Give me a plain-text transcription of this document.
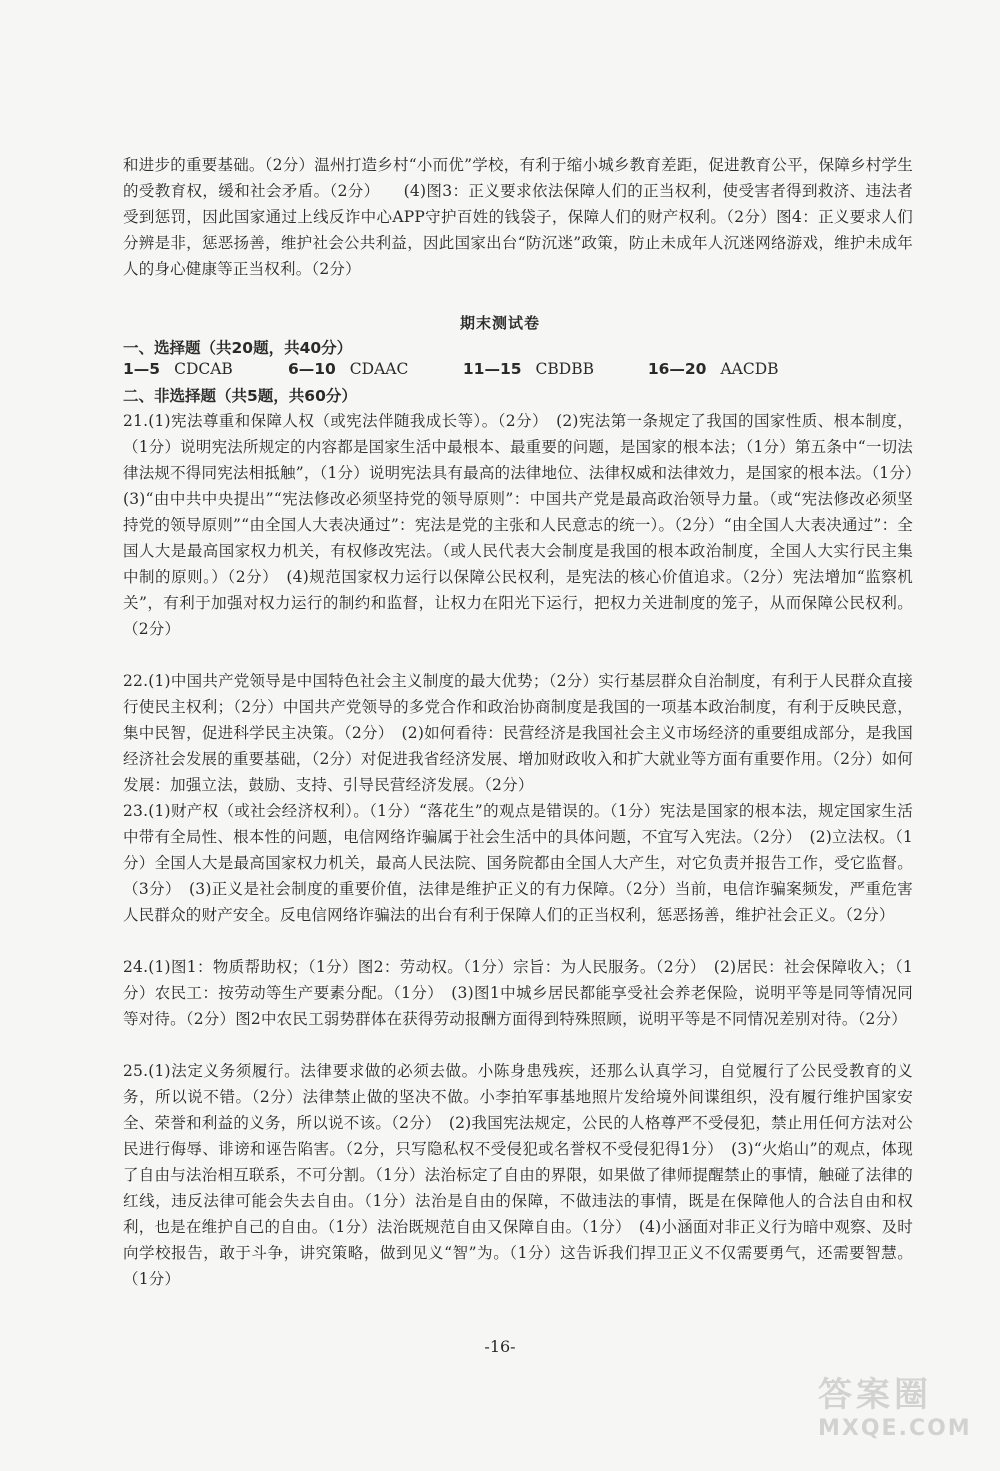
和进步的重要基础。（2分）温州打造乡村“小而优”学校，有利于缩小城乡教育差距，促进教育公平，保障乡村学生的受教育权，缓和社会矛盾。（2分）　　(4)图3：正义要求依法保障人们的正当权利，使受害者得到救济、违法者受到惩罚，因此国家通过上线反诈中心APP守护百姓的钱袋子，保障人们的财产权利。（2分）图4：正义要求人们分辨是非，惩恶扬善，维护社会公共利益，因此国家出台“防沉迷”政策，防止未成年人沉迷网络游戏，维护未成年人的身心健康等正当权利。（2分）
期末测试卷
一、选择题（共20题，共40分）
1—5 CDCAB	6—10 CDAAC	11—15 CBDBB	16—20 AACDB
二、非选择题（共5题，共60分）
21.(1)宪法尊重和保障人权（或宪法伴随我成长等）。（2分）　(2)宪法第一条规定了我国的国家性质、根本制度，（1分）说明宪法所规定的内容都是国家生活中最根本、最重要的问题，是国家的根本法；（1分）第五条中“一切法律法规不得同宪法相抵触”，（1分）说明宪法具有最高的法律地位、法律权威和法律效力，是国家的根本法。（1分）　(3)“由中共中央提出”“宪法修改必须坚持党的领导原则”：中国共产党是最高政治领导力量。（或“宪法修改必须坚持党的领导原则”“由全国人大表决通过”：宪法是党的主张和人民意志的统一）。（2分）“由全国人大表决通过”：全国人大是最高国家权力机关，有权修改宪法。（或人民代表大会制度是我国的根本政治制度，全国人大实行民主集中制的原则。）（2分）　(4)规范国家权力运行以保障公民权利，是宪法的核心价值追求。（2分）宪法增加“监察机关”，有利于加强对权力运行的制约和监督，让权力在阳光下运行，把权力关进制度的笼子，从而保障公民权利。（2分）
22.(1)中国共产党领导是中国特色社会主义制度的最大优势；（2分）实行基层群众自治制度，有利于人民群众直接行使民主权利；（2分）中国共产党领导的多党合作和政治协商制度是我国的一项基本政治制度，有利于反映民意，集中民智，促进科学民主决策。（2分）　(2)如何看待：民营经济是我国社会主义市场经济的重要组成部分，是我国经济社会发展的重要基础，（2分）对促进我省经济发展、增加财政收入和扩大就业等方面有重要作用。（2分）如何发展：加强立法，鼓励、支持、引导民营经济发展。（2分）
23.(1)财产权（或社会经济权利）。（1分）“落花生”的观点是错误的。（1分）宪法是国家的根本法，规定国家生活中带有全局性、根本性的问题，电信网络诈骗属于社会生活中的具体问题，不宜写入宪法。（2分）　(2)立法权。（1分）全国人大是最高国家权力机关，最高人民法院、国务院都由全国人大产生，对它负责并报告工作，受它监督。（3分）　(3)正义是社会制度的重要价值，法律是维护正义的有力保障。（2分）当前，电信诈骗案频发，严重危害人民群众的财产安全。反电信网络诈骗法的出台有利于保障人们的正当权利，惩恶扬善，维护社会正义。（2分）
24.(1)图1：物质帮助权；（1分）图2：劳动权。（1分）宗旨：为人民服务。（2分）　(2)居民：社会保障收入；（1分）农民工：按劳动等生产要素分配。（1分）　(3)图1中城乡居民都能享受社会养老保险，说明平等是同等情况同等对待。（2分）图2中农民工弱势群体在获得劳动报酬方面得到特殊照顾，说明平等是不同情况差别对待。（2分）
25.(1)法定义务须履行。法律要求做的必须去做。小陈身患残疾，还那么认真学习，自觉履行了公民受教育的义务，所以说不错。（2分）法律禁止做的坚决不做。小李拍军事基地照片发给境外间谍组织，没有履行维护国家安全、荣誉和利益的义务，所以说不该。（2分）　(2)我国宪法规定，公民的人格尊严不受侵犯，禁止用任何方法对公民进行侮辱、诽谤和诬告陷害。（2分，只写隐私权不受侵犯或名誉权不受侵犯得1分）　(3)“火焰山”的观点，体现了自由与法治相互联系，不可分割。（1分）法治标定了自由的界限，如果做了律师提醒禁止的事情，触碰了法律的红线，违反法律可能会失去自由。（1分）法治是自由的保障，不做违法的事情，既是在保障他人的合法自由和权利，也是在维护自己的自由。（1分）法治既规范自由又保障自由。（1分）　(4)小涵面对非正义行为暗中观察、及时向学校报告，敢于斗争，讲究策略，做到见义“智”为。（1分）这告诉我们捍卫正义不仅需要勇气，还需要智慧。（1分）
-16-
答案圈
MXQE.COM
